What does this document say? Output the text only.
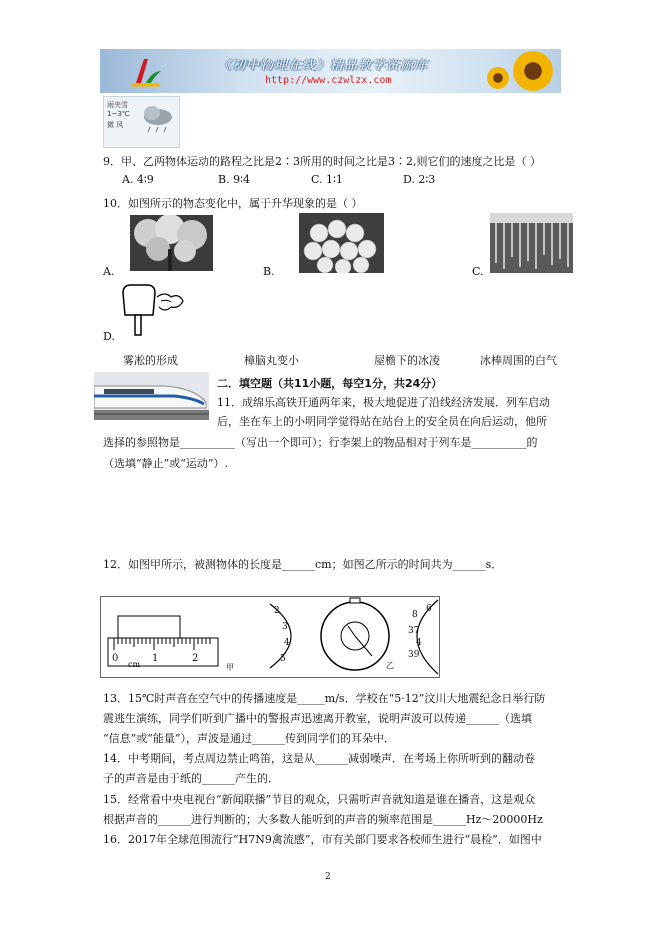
《初中物理在线》精品教学资源库
http://www.czwlzx.com
雨夹雪
1~3℃
微 风
9．甲、乙两物体运动的路程之比是2∶3所用的时间之比是3∶2,则它们的速度之比是（ ）
A. 4∶9	B. 9∶4	C. 1∶1	D. 2∶3
10．如图所示的物态变化中，属于升华现象的是（ ）
A.	B.	C.
D.
雾凇的形成	樟脑丸变小	屋檐下的冰凌	冰棒周围的白气
二．填空题（共11小题，每空1分，共24分）
11．成绵乐高铁开通两年来，极大地促进了沿线经济发展．列车启动
后，坐在车上的小明同学觉得站在站台上的安全员在向后运动，他所
选择的参照物是__________（写出一个即可）；行李架上的物品相对于列车是__________的
（选填“静止”或“运动”）.
12．如图甲所示，被测物体的长度是______cm；如图乙所示的时间共为______s．
0	1	2
cm	甲
2
3
4
5
6
8
37
4
39
乙
13．15℃时声音在空气中的传播速度是_____m/s．学校在“5·12”汶川大地震纪念日举行防
震逃生演练，同学们听到广播中的警报声迅速离开教室，说明声波可以传递______（选填
“信息”或“能量”），声波是通过______传到同学们的耳朵中．
14．中考期间，考点周边禁止鸣笛，这是从______减弱噪声．在考场上你所听到的翻动卷
子的声音是由于纸的______产生的．
15．经常看中央电视台“新闻联播”节目的观众，只需听声音就知道是谁在播音，这是观众
根据声音的______进行判断的；大多数人能听到的声音的频率范围是______Hz～20000Hz
16．2017年全球范围流行“H7N9禽流感”，市有关部门要求各校师生进行“晨检”．如图中
2
